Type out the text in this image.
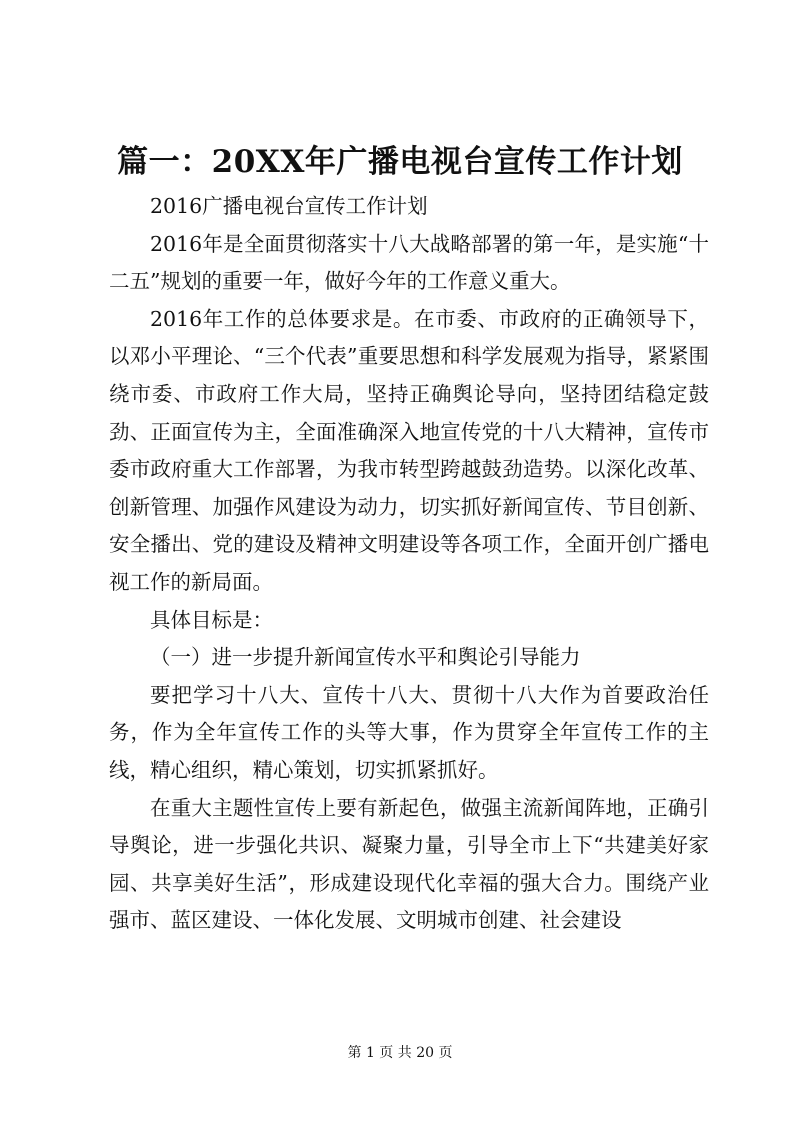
篇一：20XX年广播电视台宣传工作计划

2016广播电视台宣传工作计划

2016年是全面贯彻落实十八大战略部署的第一年，是实施“十二五”规划的重要一年，做好今年的工作意义重大。

2016年工作的总体要求是。在市委、市政府的正确领导下，以邓小平理论、“三个代表”重要思想和科学发展观为指导，紧紧围绕市委、市政府工作大局，坚持正确舆论导向，坚持团结稳定鼓劲、正面宣传为主，全面准确深入地宣传党的十八大精神，宣传市委市政府重大工作部署，为我市转型跨越鼓劲造势。以深化改革、创新管理、加强作风建设为动力，切实抓好新闻宣传、节目创新、安全播出、党的建设及精神文明建设等各项工作，全面开创广播电视工作的新局面。

具体目标是：

（一）进一步提升新闻宣传水平和舆论引导能力

要把学习十八大、宣传十八大、贯彻十八大作为首要政治任务，作为全年宣传工作的头等大事，作为贯穿全年宣传工作的主线，精心组织，精心策划，切实抓紧抓好。

在重大主题性宣传上要有新起色，做强主流新闻阵地，正确引导舆论，进一步强化共识、凝聚力量，引导全市上下“共建美好家园、共享美好生活”，形成建设现代化幸福的强大合力。围绕产业强市、蓝区建设、一体化发展、文明城市创建、社会建设

第 1 页 共 20 页
